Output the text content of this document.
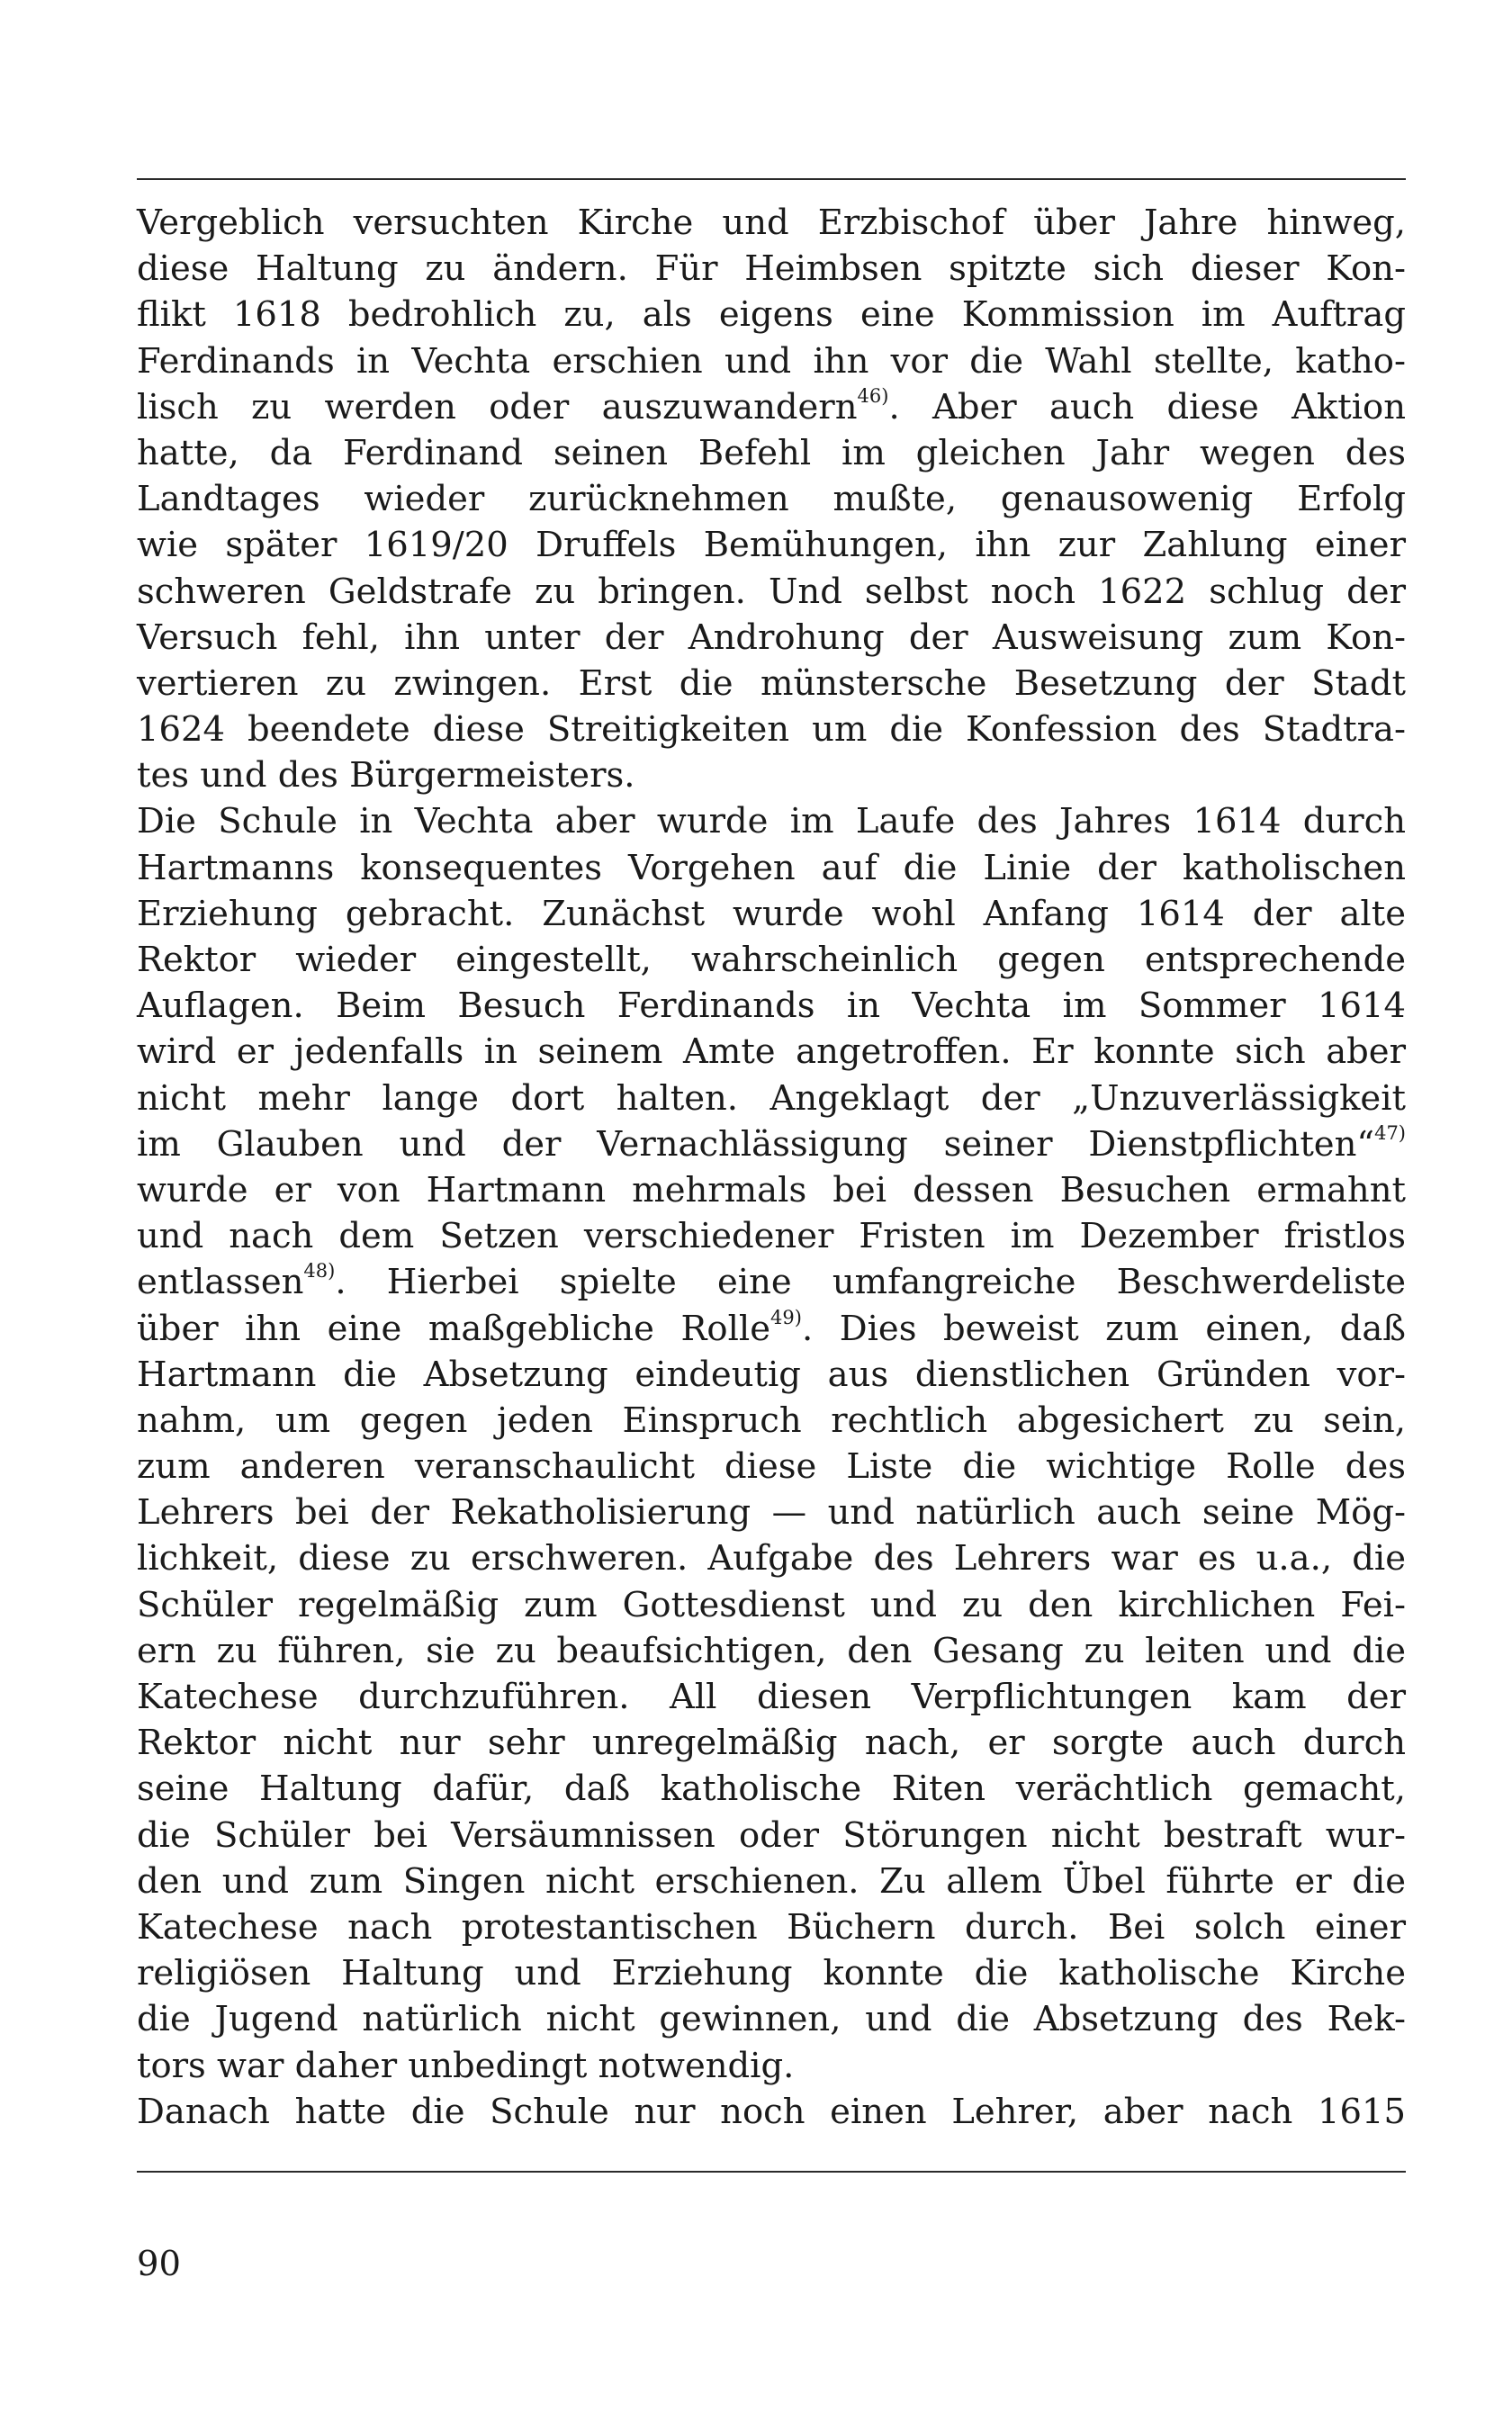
Vergeblich versuchten Kirche und Erzbischof über Jahre hinweg,
diese Haltung zu ändern. Für Heimbsen spitzte sich dieser Kon-
flikt 1618 bedrohlich zu, als eigens eine Kommission im Auftrag
Ferdinands in Vechta erschien und ihn vor die Wahl stellte, katho-
lisch zu werden oder auszuwandern$^{46)}$. Aber auch diese Aktion
hatte, da Ferdinand seinen Befehl im gleichen Jahr wegen des
Landtages wieder zurücknehmen mußte, genausowenig Erfolg
wie später 1619/20 Druffels Bemühungen, ihn zur Zahlung einer
schweren Geldstrafe zu bringen. Und selbst noch 1622 schlug der
Versuch fehl, ihn unter der Androhung der Ausweisung zum Kon-
vertieren zu zwingen. Erst die münstersche Besetzung der Stadt
1624 beendete diese Streitigkeiten um die Konfession des Stadtra-
tes und des Bürgermeisters.
Die Schule in Vechta aber wurde im Laufe des Jahres 1614 durch
Hartmanns konsequentes Vorgehen auf die Linie der katholischen
Erziehung gebracht. Zunächst wurde wohl Anfang 1614 der alte
Rektor wieder eingestellt, wahrscheinlich gegen entsprechende
Auflagen. Beim Besuch Ferdinands in Vechta im Sommer 1614
wird er jedenfalls in seinem Amte angetroffen. Er konnte sich aber
nicht mehr lange dort halten. Angeklagt der „Unzuverlässigkeit
im Glauben und der Vernachlässigung seiner Dienstpflichten“$^{47)}$
wurde er von Hartmann mehrmals bei dessen Besuchen ermahnt
und nach dem Setzen verschiedener Fristen im Dezember fristlos
entlassen$^{48)}$. Hierbei spielte eine umfangreiche Beschwerdeliste
über ihn eine maßgebliche Rolle$^{49)}$. Dies beweist zum einen, daß
Hartmann die Absetzung eindeutig aus dienstlichen Gründen vor-
nahm, um gegen jeden Einspruch rechtlich abgesichert zu sein,
zum anderen veranschaulicht diese Liste die wichtige Rolle des
Lehrers bei der Rekatholisierung — und natürlich auch seine Mög-
lichkeit, diese zu erschweren. Aufgabe des Lehrers war es u.a., die
Schüler regelmäßig zum Gottesdienst und zu den kirchlichen Fei-
ern zu führen, sie zu beaufsichtigen, den Gesang zu leiten und die
Katechese durchzuführen. All diesen Verpflichtungen kam der
Rektor nicht nur sehr unregelmäßig nach, er sorgte auch durch
seine Haltung dafür, daß katholische Riten verächtlich gemacht,
die Schüler bei Versäumnissen oder Störungen nicht bestraft wur-
den und zum Singen nicht erschienen. Zu allem Übel führte er die
Katechese nach protestantischen Büchern durch. Bei solch einer
religiösen Haltung und Erziehung konnte die katholische Kirche
die Jugend natürlich nicht gewinnen, und die Absetzung des Rek-
tors war daher unbedingt notwendig.
Danach hatte die Schule nur noch einen Lehrer, aber nach 1615
90
